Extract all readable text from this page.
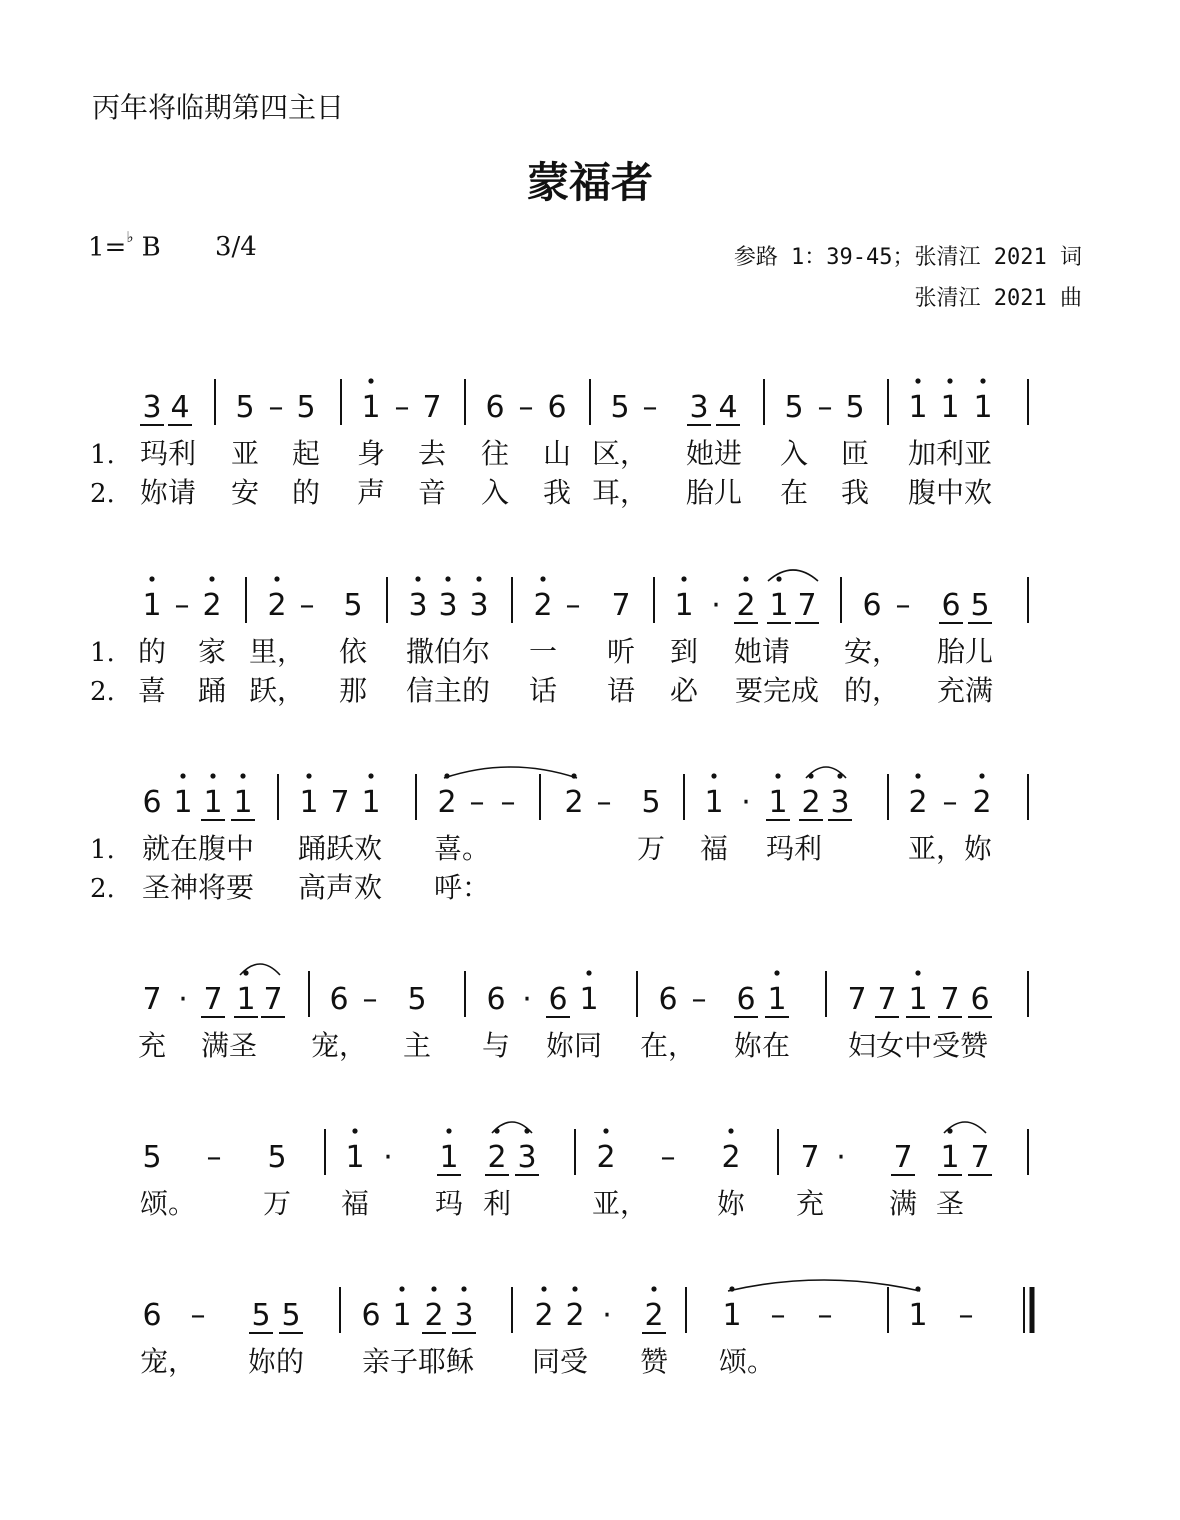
丙年将临期第四主日
蒙福者
1=♭ B 3/4	参路 1：39-45；张清江 2021 词
张清江 2021 曲
3 4 5 – 5 1 – 7 6 – 6 5 – 3 4 5 – 5 1 1 1
1. 玛利 亚 起 身 去 往 山 区， 她进 入 匝 加利亚
2. 妳请 安 的 声 音 入 我 耳， 胎儿 在 我 腹中欢
1 – 2 2 – 5 3 3 3 2 – 7 1 · 2 1 7 6 – 6 5
1. 的 家 里， 依 撒伯尔 一 听 到 她请 安， 胎儿
2. 喜 踊 跃， 那 信主的 话 语 必 要完成 的， 充满
6 1 1 1 1 7 1 2 – – 2 – 5 1 · 1 2 3 2 – 2
1. 就在腹中 踊跃欢 喜。	万 福 玛利	亚，妳
2. 圣神将要 高声欢 呼：
7 · 7 1 7 6 – 5 6 · 6 1 6 – 6 1 7 7 1 7 6
充 满圣 宠， 主 与 妳同 在， 妳在 妇女中受赞
5 – 5 1 · 1 2 3 2 – 2 7 · 7 1 7
颂。 万 福 玛 利	亚， 妳 充 满 圣
6 – 5 5 6 1 2 3 2 2 · 2 1 – –	1 –
宠， 妳的 亲子耶稣 同受 赞 颂。
